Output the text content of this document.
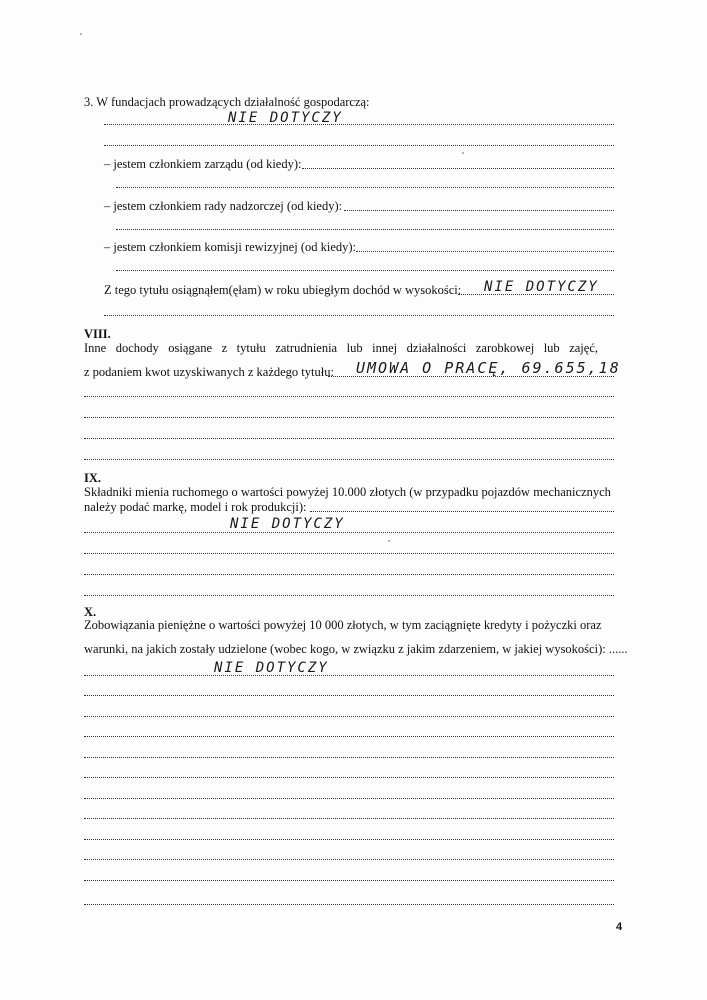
3. W fundacjach prowadzących działalność gospodarczą:
NIE DOTYCZY
– jestem członkiem zarządu (od kiedy):
– jestem członkiem rady nadzorczej (od kiedy):
– jestem członkiem komisji rewizyjnej (od kiedy):
Z tego tytułu osiągnąłem(ęłam) w roku ubiegłym dochód w wysokości: NIE DOTYCZY
VIII.
Inne dochody osiągane z tytułu zatrudnienia lub innej działalności zarobkowej lub zajęć,
z podaniem kwot uzyskiwanych z każdego tytułu: UMOWA O PRACĘ, 69.655,18
IX.
Składniki mienia ruchomego o wartości powyżej 10.000 złotych (w przypadku pojazdów mechanicznych
należy podać markę, model i rok produkcji):
NIE DOTYCZY
X.
Zobowiązania pieniężne o wartości powyżej 10 000 złotych, w tym zaciągnięte kredyty i pożyczki oraz
warunki, na jakich zostały udzielone (wobec kogo, w związku z jakim zdarzeniem, w jakiej wysokości): ......
NIE DOTYCZY
4
